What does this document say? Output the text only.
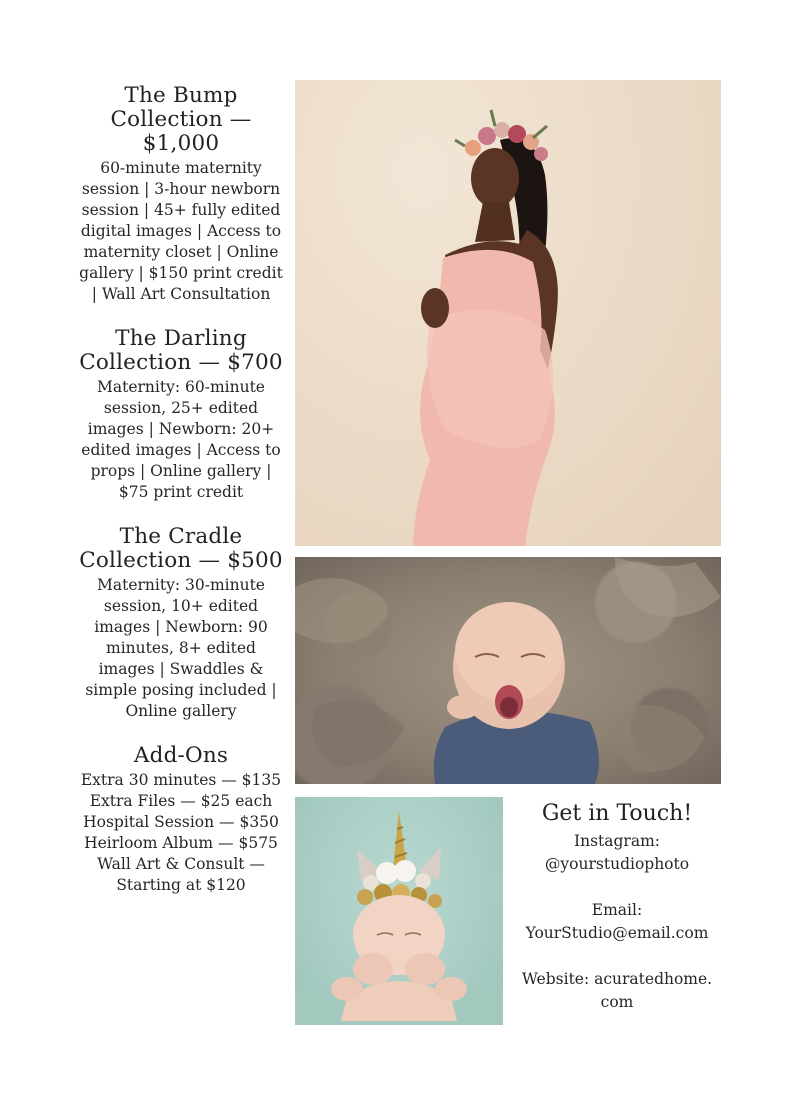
The Bump
Collection — $1,000
60-minute maternity
session | 3-hour newborn
session | 45+ fully edited
digital images | Access to
maternity closet | Online
gallery | $150 print credit
| Wall Art Consultation
The Darling
Collection — $700
Maternity: 60-minute
session, 25+ edited
images | Newborn: 20+
edited images | Access to
props | Online gallery |
$75 print credit
The Cradle
Collection — $500
Maternity: 30-minute
session, 10+ edited
images | Newborn: 90
minutes, 8+ edited
images | Swaddles &
simple posing included |
Online gallery
Add-Ons
Extra 30 minutes — $135
Extra Files — $25 each
Hospital Session — $350
Heirloom Album — $575
Wall Art & Consult —
Starting at $120
Get in Touch!
Instagram:
@yourstudiophoto
Email:
YourStudio@email.com
Website: acuratedhome.
com
